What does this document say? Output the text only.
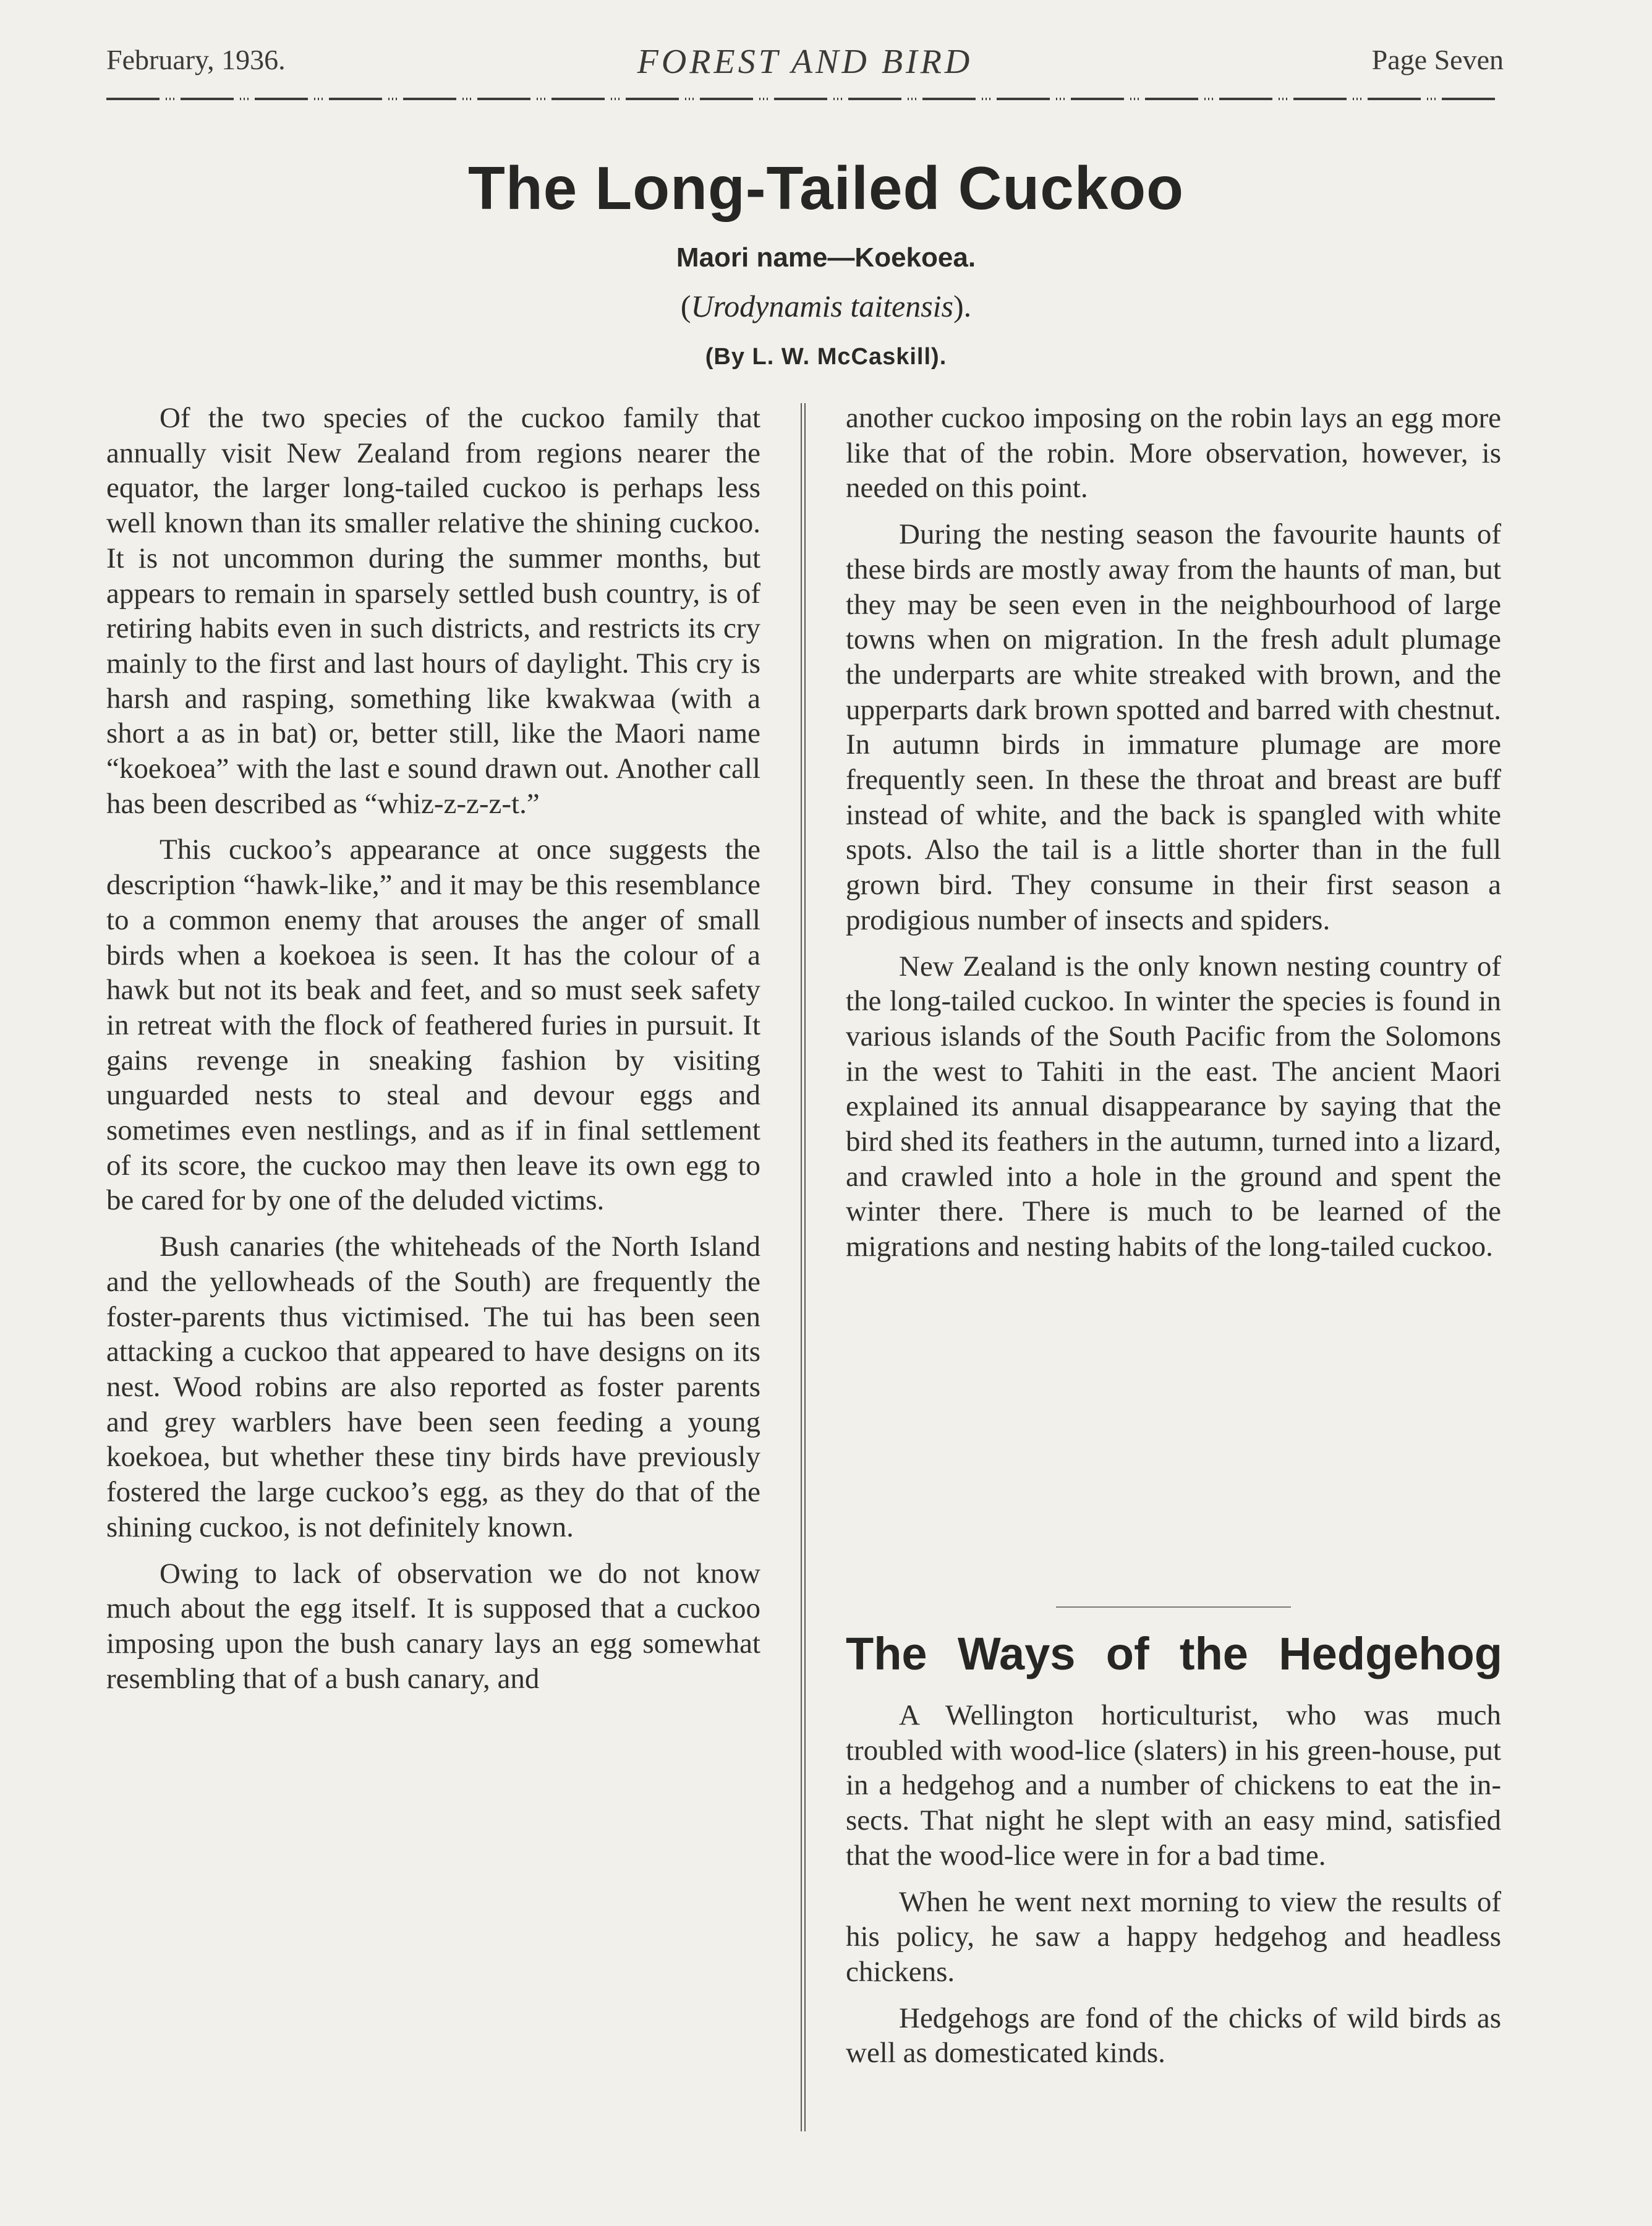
February, 1936.	FOREST AND BIRD	Page Seven
The Long-Tailed Cuckoo
Maori name—Koekoea.
(Urodynamis taitensis).
(By L. W. McCaskill).

Of the two species of the cuckoo family that annually visit New Zealand from regions nearer the equator, the larger long-tailed cuckoo is perhaps less well known than its smaller relative the shining cuckoo. It is not uncommon during the summer months, but appears to remain in sparsely settled bush country, is of retiring habits even in such districts, and restricts its cry mainly to the first and last hours of daylight. This cry is harsh and rasping, something like kwakwaa (with a short a as in bat) or, better still, like the Maori name “koekoea” with the last e sound drawn out. Another call has been described as “whiz-z-z-z-t.”

This cuckoo’s appearance at once suggests the description “hawk-like,” and it may be this resemblance to a common enemy that arouses the anger of small birds when a koekoea is seen. It has the colour of a hawk but not its beak and feet, and so must seek safety in retreat with the flock of feathered furies in pursuit. It gains revenge in sneaking fashion by visiting unguarded nests to steal and devour eggs and sometimes even nestlings, and as if in final settlement of its score, the cuckoo may then leave its own egg to be cared for by one of the deluded victims.

Bush canaries (the whiteheads of the North Island and the yellowheads of the South) are frequently the foster-parents thus victimised. The tui has been seen attacking a cuckoo that appeared to have designs on its nest. Wood robins are also reported as foster parents and grey warblers have been seen feeding a young koekoea, but whether these tiny birds have previously fostered the large cuckoo’s egg, as they do that of the shining cuckoo, is not definitely known.

Owing to lack of observation we do not know much about the egg itself. It is supposed that a cuckoo imposing upon the bush canary lays an egg somewhat resembling that of a bush canary, and

another cuckoo imposing on the robin lays an egg more like that of the robin. More observation, however, is needed on this point.

During the nesting season the favourite haunts of these birds are mostly away from the haunts of man, but they may be seen even in the neighbourhood of large towns when on migration. In the fresh adult plumage the underparts are white streaked with brown, and the upperparts dark brown spotted and barred with chestnut. In autumn birds in immature plumage are more frequently seen. In these the throat and breast are buff instead of white, and the back is spangled with white spots. Also the tail is a little shorter than in the full grown bird. They consume in their first season a prodigious number of insects and spiders.

New Zealand is the only known nesting country of the long-tailed cuckoo. In winter the species is found in various islands of the South Pacific from the Solomons in the west to Tahiti in the east. The ancient Maori explained its annual disappearance by saying that the bird shed its feathers in the autumn, turned into a lizard, and crawled into a hole in the ground and spent the winter there. There is much to be learned of the migrations and nesting habits of the long-tailed cuckoo.

The Ways of the Hedgehog

A Wellington horticulturist, who was much troubled with wood-lice (slaters) in his green-house, put in a hedgehog and a number of chickens to eat the insects. That night he slept with an easy mind, satisfied that the wood-lice were in for a bad time.

When he went next morning to view the results of his policy, he saw a happy hedgehog and headless chickens.

Hedgehogs are fond of the chicks of wild birds as well as domesticated kinds.
